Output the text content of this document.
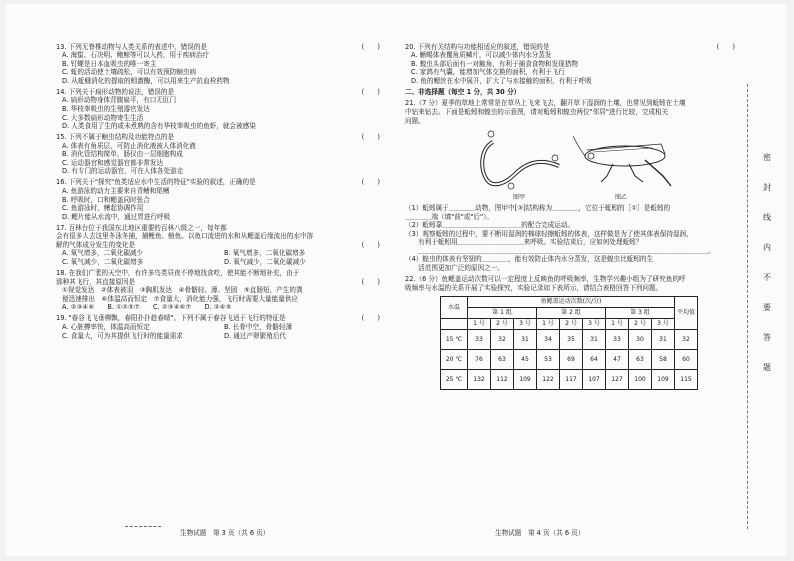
密
封
线
内
不
要
答
题
13. 下列无脊椎动物与人类关系的表述中，错误的是	(　　)
A. 海蜇、石决明、鲍鲸等可以入药，用于疾病治疗
B. 钉螺是日本血吸虫的唯一寄主
C. 蚯的活动使土壤疏松，可以有效预防蛔虫病
D. 从蚯蛾消化的提取的蚓激酶，可以用来生产抗血栓药物
14. 下列关于扁形动物的说法，错误的是	(　　)
A. 扁形动物身体背腹扁平，有口无肛门
B. 华枝睾吸虫的生殖器官发达
C. 大多数扁形动物寄生生活
D. 人类食用了生的或未煮熟的含有华枝睾吸虫的鱼虾，就会被感染
15. 下列不属于蛔虫结构及功能特点的是	(　　)
A. 体表有角质层，可防止消化液被人体消化液
B. 消化管结构简单，肠仅由一层细胞构成
C. 运动器官和感觉器官都非常发达
D. 有专门的运动器官，可在人体各处游走
16. 下列关于"探究"鱼类适应水中生活的特征"实验的叙述，正确的是	(　　)
A. 鱼游泳的动力主要来自背鳍和尾鳍
B. 呼吸时，口和鳃盖同时张合
C. 鱼游泳时，鳍起协调作用
D. 鳃片能从水流中，通过胃进行呼吸
17. 百林台位于我国东北地区重要的百林八级之一，每年都
会有很多人去这里冬泳冬捕，捕鲤鱼、鲢鱼。以鱼口流进的水和从鳃盖后缘流出的水中溶
解的气体成分发生的变化是	(　　)
A. 氧气增多，二氧化碳减少	B. 氧气增多，二氧化碳增多
C. 氧气减少，二氧化碳增多	D. 氧气减少，二氧化碳减少
18. 在我们广袤的天空中，有许多鸟类昼夜不停地找食吃，使其能不断地补充，由于
那种其飞行，其直接原因是	(　　)
①视觉发达　②体表被羽　③胸肌发达　④骨骼轻、薄、坚固　⑤直肠短，产生的粪
便迅速排出　⑥体温高而恒定　⑦食量大，消化能力强，飞行时需要大量能量供应
A. ②③④⑥　　B. ①②⑤⑦　　C. ②③④⑥⑦　　D. ②④⑤
19. "春谷飞飞垂柳飘，春阳扑扑趁春晴"。下列不属于春谷飞适于飞行的特征是	(　　)
A. 心脏搏率快，体温高而恒定	B. 长骨中空，骨骼轻薄
C. 食量大，可为其提供飞行时的能量需求	D. 通过产卵繁殖后代
生物试题　第 3 页（共 6 页）
20. 下列有关结构与功能相适应的叙述，错误的是	(　　)
A. 蜥蜴体表覆角质鳞片，可以减少体内水分蒸发
B. 蝗虫头部后面有一对触角，有利于捕食食物和发现猎物
C. 家鸽有气囊，能增加气体交换的面积，有利于飞行
D. 鱼的鳃丝在水中展开，扩大了与水接触的面积，有利于呼吸
二、非选择题（每空 1 分，共 30 分）
21.（7 分）夏季的草地上常常是在草丛上飞来飞去，翻开草下湿润的土壤，也常见到蚯蚓在土壤
中钻来钻去。下面是蚯蚓和蝗虫的示意图，请对蚯蚓和蝗虫两位"邻居"进行比较，完成相关
问题。
图甲	图乙
（1）蚯蚓属于＿＿＿＿动物，图甲中[③]结构称为＿＿＿＿，它位于蚯蚓的［①］是蚯蚓的
＿＿＿＿端（填"前"或"后"）。
（2）蚯蚓靠＿＿＿＿＿＿＿＿＿＿＿＿的配合完成运动。
（3）观察蚯蚓的过程中，要不断用湿润的棉球轻擦蚯蚓的体表，这样做是为了使其体表保持湿润，
　　有利于蚯蚓用＿＿＿＿＿＿＿＿＿＿来呼吸。实验结束后，应如何处理蚯蚓？
　　＿＿＿＿＿＿＿＿＿＿＿＿＿＿＿＿＿＿＿＿＿＿＿＿＿＿＿＿＿＿＿＿＿＿＿＿＿＿＿＿＿＿＿＿。
（4）蝗虫的体表有坚韧的＿＿＿＿，能有效防止体内水分蒸发，这是蝗虫比蚯蚓的生
　　活范围更加广泛的原因之一。
22.（6 分）鱼鳃盖运动次数可以一定程度上反映鱼的呼吸频率，生物学兴趣小组为了研究鱼的呼
吸频率与水温的关系开展了实验探究，实验记录如下表所示，请结合表格回答下列问题。
水温	鱼鳃盖运动次数(次/分)									平均值
	第 1 组			第 2 组			第 3 组			
	1 号	2 号	3 号	1 号	2 号	3 号	1 号	2 号	3 号	
15 ℃	33	32	31	34	35	31	33	30	31	32
20 ℃	76	63	45	53	69	64	47	63	58	60
25 ℃	132	112	109	122	117	107	127	100	109	115
生物试题　第 4 页（共 6 页）
